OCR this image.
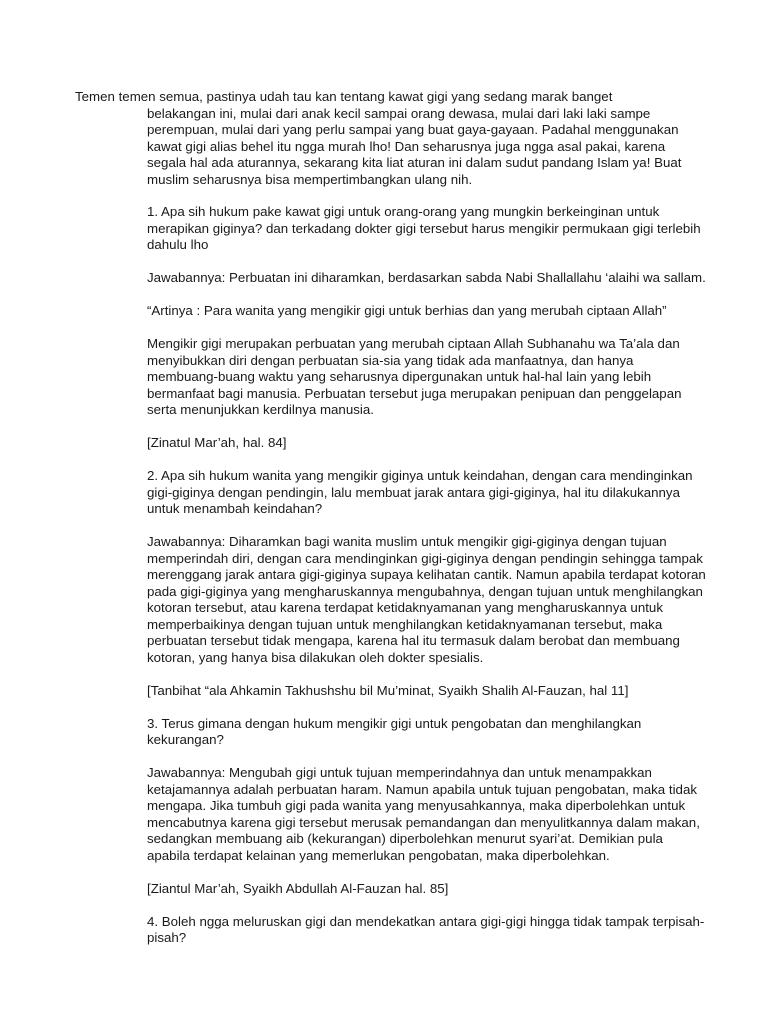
Temen temen semua, pastinya udah tau kan tentang kawat gigi yang sedang marak banget
belakangan ini, mulai dari anak kecil sampai orang dewasa, mulai dari laki laki sampe perempuan, mulai dari yang perlu sampai yang buat gaya-gayaan. Padahal menggunakan kawat gigi alias behel itu ngga murah lho! Dan seharusnya juga ngga asal pakai, karena segala hal ada aturannya, sekarang kita liat aturan ini dalam sudut pandang Islam ya! Buat muslim seharusnya bisa mempertimbangkan ulang nih.

1. Apa sih hukum pake kawat gigi untuk orang-orang yang mungkin berkeinginan untuk merapikan giginya? dan terkadang dokter gigi tersebut harus mengikir permukaan gigi terlebih dahulu lho

Jawabannya: Perbuatan ini diharamkan, berdasarkan sabda Nabi Shallallahu ‘alaihi wa sallam.

“Artinya : Para wanita yang mengikir gigi untuk berhias dan yang merubah ciptaan Allah”

Mengikir gigi merupakan perbuatan yang merubah ciptaan Allah Subhanahu wa Ta’ala dan menyibukkan diri dengan perbuatan sia-sia yang tidak ada manfaatnya, dan hanya membuang-buang waktu yang seharusnya dipergunakan untuk hal-hal lain yang lebih bermanfaat bagi manusia. Perbuatan tersebut juga merupakan penipuan dan penggelapan serta menunjukkan kerdilnya manusia.

[Zinatul Mar’ah, hal. 84]

2. Apa sih hukum wanita yang mengikir giginya untuk keindahan, dengan cara mendinginkan gigi-giginya dengan pendingin, lalu membuat jarak antara gigi-giginya, hal itu dilakukannya untuk menambah keindahan?

Jawabannya: Diharamkan bagi wanita muslim untuk mengikir gigi-giginya dengan tujuan memperindah diri, dengan cara mendinginkan gigi-giginya dengan pendingin sehingga tampak merenggang jarak antara gigi-giginya supaya kelihatan cantik. Namun apabila terdapat kotoran pada gigi-giginya yang mengharuskannya mengubahnya, dengan tujuan untuk menghilangkan kotoran tersebut, atau karena terdapat ketidaknyamanan yang mengharuskannya untuk memperbaikinya dengan tujuan untuk menghilangkan ketidaknyamanan tersebut, maka perbuatan tersebut tidak mengapa, karena hal itu termasuk dalam berobat dan membuang kotoran, yang hanya bisa dilakukan oleh dokter spesialis.

[Tanbihat “ala Ahkamin Takhushshu bil Mu’minat, Syaikh Shalih Al-Fauzan, hal 11]

3. Terus gimana dengan hukum mengikir gigi untuk pengobatan dan menghilangkan kekurangan?

Jawabannya: Mengubah gigi untuk tujuan memperindahnya dan untuk menampakkan ketajamannya adalah perbuatan haram. Namun apabila untuk tujuan pengobatan, maka tidak mengapa. Jika tumbuh gigi pada wanita yang menyusahkannya, maka diperbolehkan untuk mencabutnya karena gigi tersebut merusak pemandangan dan menyulitkannya dalam makan, sedangkan membuang aib (kekurangan) diperbolehkan menurut syari’at. Demikian pula apabila terdapat kelainan yang memerlukan pengobatan, maka diperbolehkan.

[Ziantul Mar’ah, Syaikh Abdullah Al-Fauzan hal. 85]

4. Boleh ngga meluruskan gigi dan mendekatkan antara gigi-gigi hingga tidak tampak terpisah-pisah?
